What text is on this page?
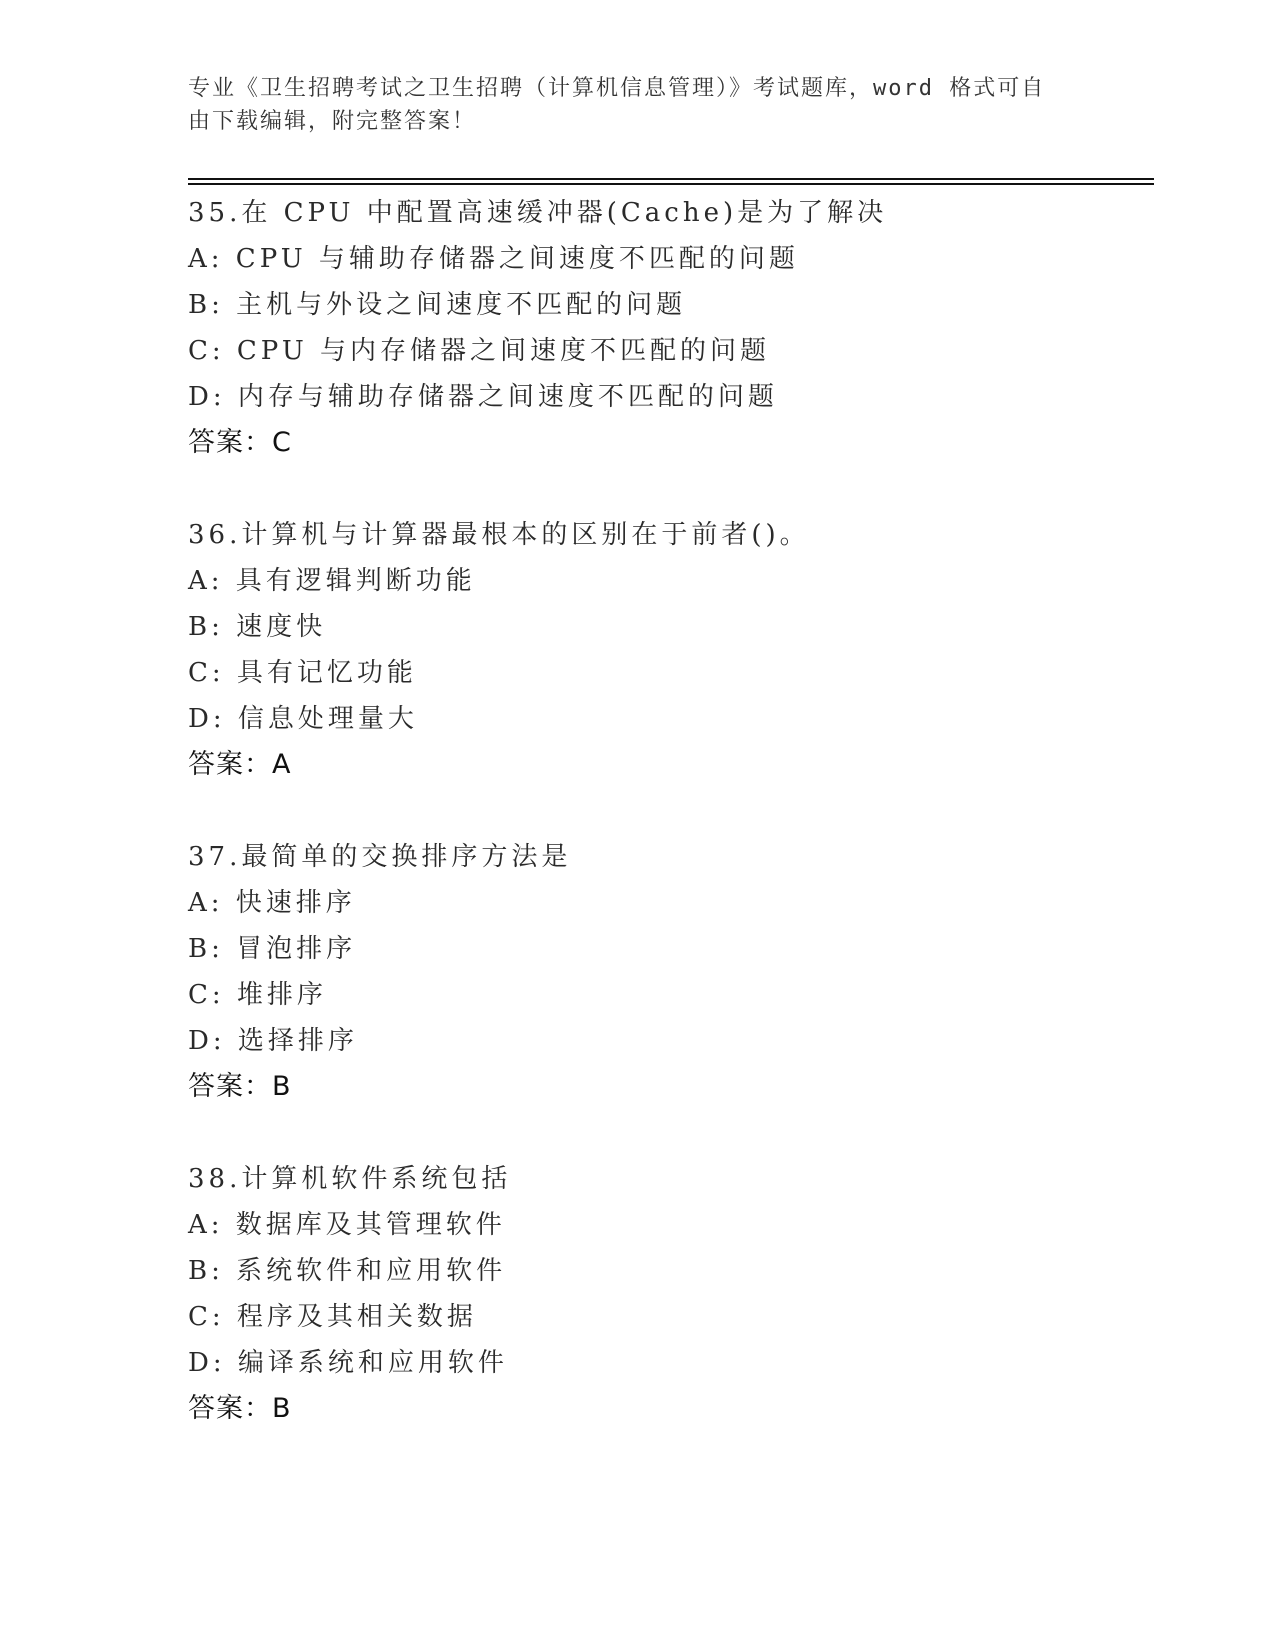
专业《卫生招聘考试之卫生招聘（计算机信息管理）》考试题库，word 格式可自
由下载编辑，附完整答案！
35.在 CPU 中配置高速缓冲器(Cache)是为了解决
A: CPU 与辅助存储器之间速度不匹配的问题
B: 主机与外设之间速度不匹配的问题
C: CPU 与内存储器之间速度不匹配的问题
D: 内存与辅助存储器之间速度不匹配的问题
答案：C
36.计算机与计算器最根本的区别在于前者()。
A: 具有逻辑判断功能
B: 速度快
C: 具有记忆功能
D: 信息处理量大
答案：A
37.最简单的交换排序方法是
A: 快速排序
B: 冒泡排序
C: 堆排序
D: 选择排序
答案：B
38.计算机软件系统包括
A: 数据库及其管理软件
B: 系统软件和应用软件
C: 程序及其相关数据
D: 编译系统和应用软件
答案：B
